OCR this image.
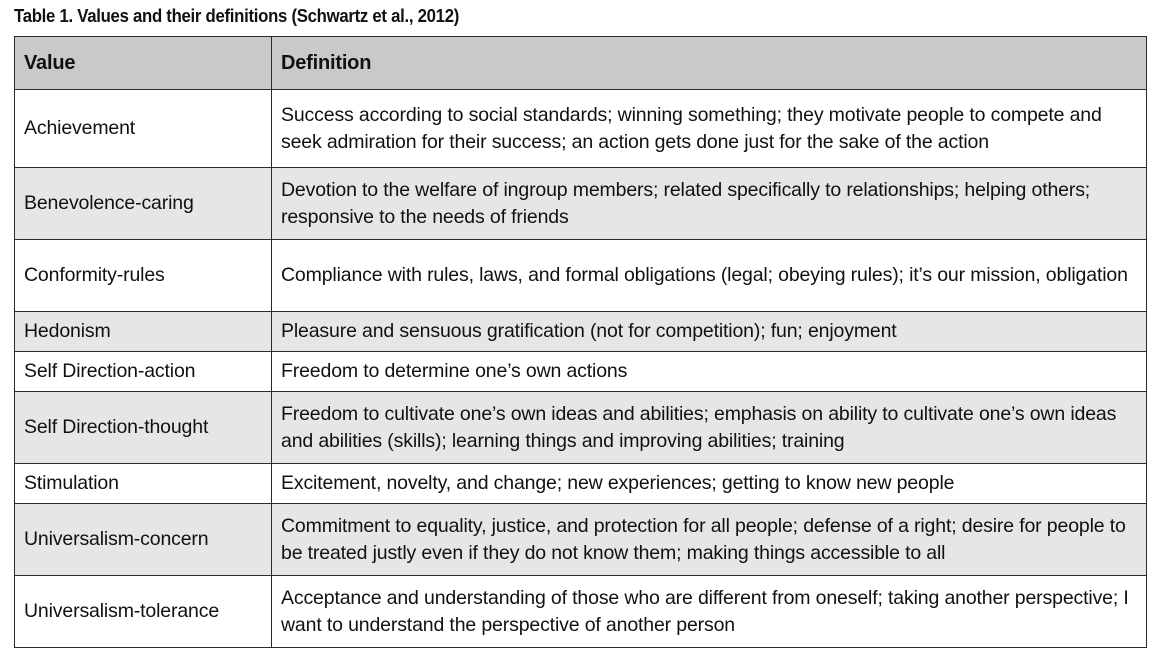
Table 1. Values and their definitions (Schwartz et al., 2012)
Value	Definition
Achievement	Success according to social standards; winning something; they motivate people to compete and seek admiration for their success; an action gets done just for the sake of the action
Benevolence-caring	Devotion to the welfare of ingroup members; related specifically to relationships; helping others; responsive to the needs of friends
Conformity-rules	Compliance with rules, laws, and formal obligations (legal; obeying rules); it’s our mission, obligation
Hedonism	Pleasure and sensuous gratification (not for competition); fun; enjoyment
Self Direction-action	Freedom to determine one’s own actions
Self Direction-thought	Freedom to cultivate one’s own ideas and abilities; emphasis on ability to cultivate one’s own ideas and abilities (skills); learning things and improving abilities; training
Stimulation	Excitement, novelty, and change; new experiences; getting to know new people
Universalism-concern	Commitment to equality, justice, and protection for all people; defense of a right; desire for people to be treated justly even if they do not know them; making things accessible to all
Universalism-tolerance	Acceptance and understanding of those who are different from oneself; taking another perspective; I want to understand the perspective of another person
